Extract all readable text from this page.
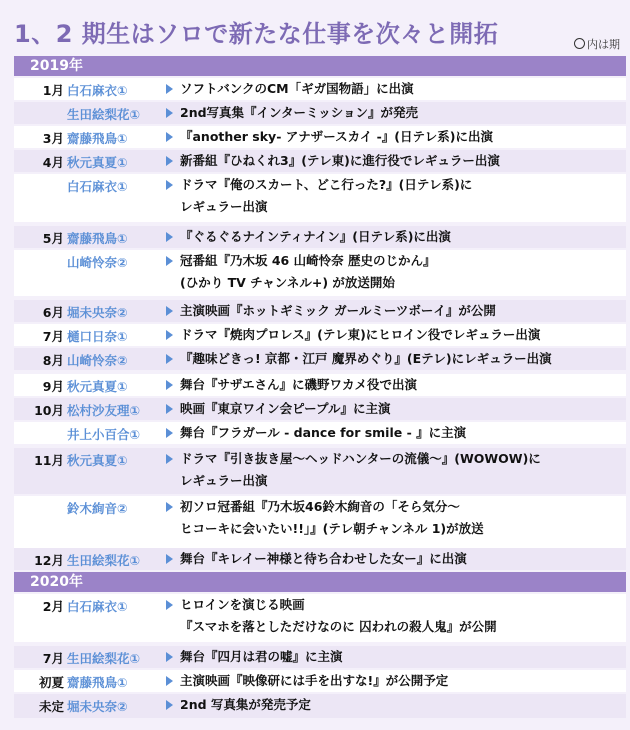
1、2 期生はソロで新たな仕事を次々と開拓	内は期
2019年
1月 白石麻衣①	ソフトバンクのCM「ギガ国物語」に出演
生田絵梨花①	2nd写真集『インターミッション』が発売
3月 齋藤飛鳥①	『another sky- アナザースカイ -』(日テレ系)に出演
4月 秋元真夏①	新番組『ひねくれ3』(テレ東)に進行役でレギュラー出演
白石麻衣①	ドラマ『俺のスカート、どこ行った?』(日テレ系)に
レギュラー出演
5月 齋藤飛鳥①	『ぐるぐるナインティナイン』(日テレ系)に出演
山崎怜奈②	冠番組『乃木坂 46 山崎怜奈 歴史のじかん』
(ひかり TV チャンネル+) が放送開始
6月 堀未央奈②	主演映画『ホットギミック ガールミーツボーイ』が公開
7月 樋口日奈①	ドラマ『焼肉プロレス』(テレ東)にヒロイン役でレギュラー出演
8月 山崎怜奈②	『趣味どきっ! 京都・江戸 魔界めぐり』(Eテレ)にレギュラー出演
9月 秋元真夏①	舞台『サザエさん』に磯野ワカメ役で出演
10月 松村沙友理①	映画『東京ワイン会ピープル』に主演
井上小百合①	舞台『フラガール - dance for smile - 』に主演
11月 秋元真夏①	ドラマ『引き抜き屋〜ヘッドハンターの流儀〜』(WOWOW)に
レギュラー出演
鈴木絢音②	初ソロ冠番組『乃木坂46鈴木絢音の「そら気分〜
ヒコーキに会いたい!!」』(テレ朝チャンネル 1)が放送
12月 生田絵梨花①	舞台『キレイー神様と待ち合わせした女ー』に出演
2020年
2月 白石麻衣①	ヒロインを演じる映画
『スマホを落としただけなのに 囚われの殺人鬼』が公開
7月 生田絵梨花①	舞台『四月は君の嘘』に主演
初夏 齋藤飛鳥①	主演映画『映像研には手を出すな!』が公開予定
未定 堀未央奈②	2nd 写真集が発売予定
